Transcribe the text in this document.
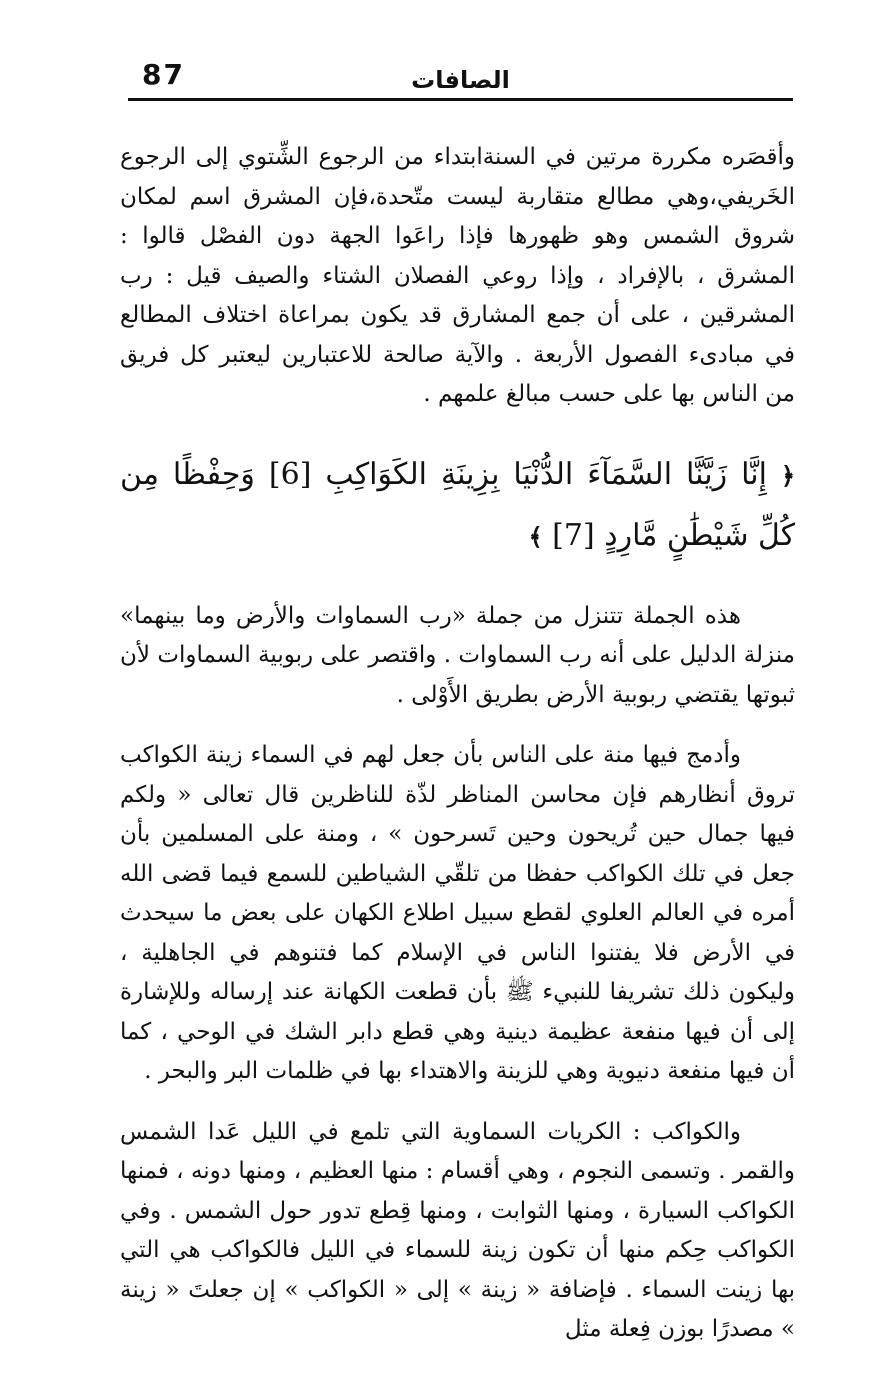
87	الصافات

وأقصَره مكررة مرتين في السنةابتداء من الرجوع الشِّتوي إلى الرجوع الخَريفي،وهي مطالع متقاربة ليست متّحدة،فإن المشرق اسم لمكان شروق الشمس وهو ظهورها فإذا راعَوا الجهة دون الفصْل قالوا : المشرق ، بالإفراد ، وإذا روعي الفصلان الشتاء والصيف قيل : رب المشرقين ، على أن جمع المشارق قد يكون بمراعاة اختلاف المطالع في مبادىء الفصول الأربعة . والآية صالحة للاعتبارين ليعتبر كل فريق من الناس بها على حسب مبالغ علمهم .

﴿ إِنَّا زَيَّنَّا السَّمَآءَ الدُّنْيَا بِزِينَةِ الكَوَاكِبِ [6] وَحِفْظًا مِن كُلِّ شَيْطَٰنٍ مَّارِدٍ [7] ﴾

هذه الجملة تتنزل من جملة «رب السماوات والأرض وما بينهما» منزلة الدليل على أنه رب السماوات . واقتصر على ربوبية السماوات لأن ثبوتها يقتضي ربوبية الأرض بطريق الأَوْلى .

وأدمج فيها منة على الناس بأن جعل لهم في السماء زينة الكواكب تروق أنظارهم فإن محاسن المناظر لذّة للناظرين قال تعالى « ولكم فيها جمال حين تُريحون وحين تَسرحون » ، ومنة على المسلمين بأن جعل في تلك الكواكب حفظا من تلقّي الشياطين للسمع فيما قضى الله أمره في العالم العلوي لقطع سبيل اطلاع الكهان على بعض ما سيحدث في الأرض فلا يفتنوا الناس في الإسلام كما فتنوهم في الجاهلية ، وليكون ذلك تشريفا للنبيء ﷺ بأن قطعت الكهانة عند إرساله وللإشارة إلى أن فيها منفعة عظيمة دينية وهي قطع دابر الشك في الوحي ، كما أن فيها منفعة دنيوية وهي للزينة والاهتداء بها في ظلمات البر والبحر .

والكواكب : الكريات السماوية التي تلمع في الليل عَدا الشمس والقمر . وتسمى النجوم ، وهي أقسام : منها العظيم ، ومنها دونه ، فمنها الكواكب السيارة ، ومنها الثوابت ، ومنها قِطع تدور حول الشمس . وفي الكواكب حِكم منها أن تكون زينة للسماء في الليل فالكواكب هي التي بها زينت السماء . فإضافة « زينة » إلى « الكواكب » إن جعلتَ « زينة » مصدرًا بوزن فِعلة مثل
